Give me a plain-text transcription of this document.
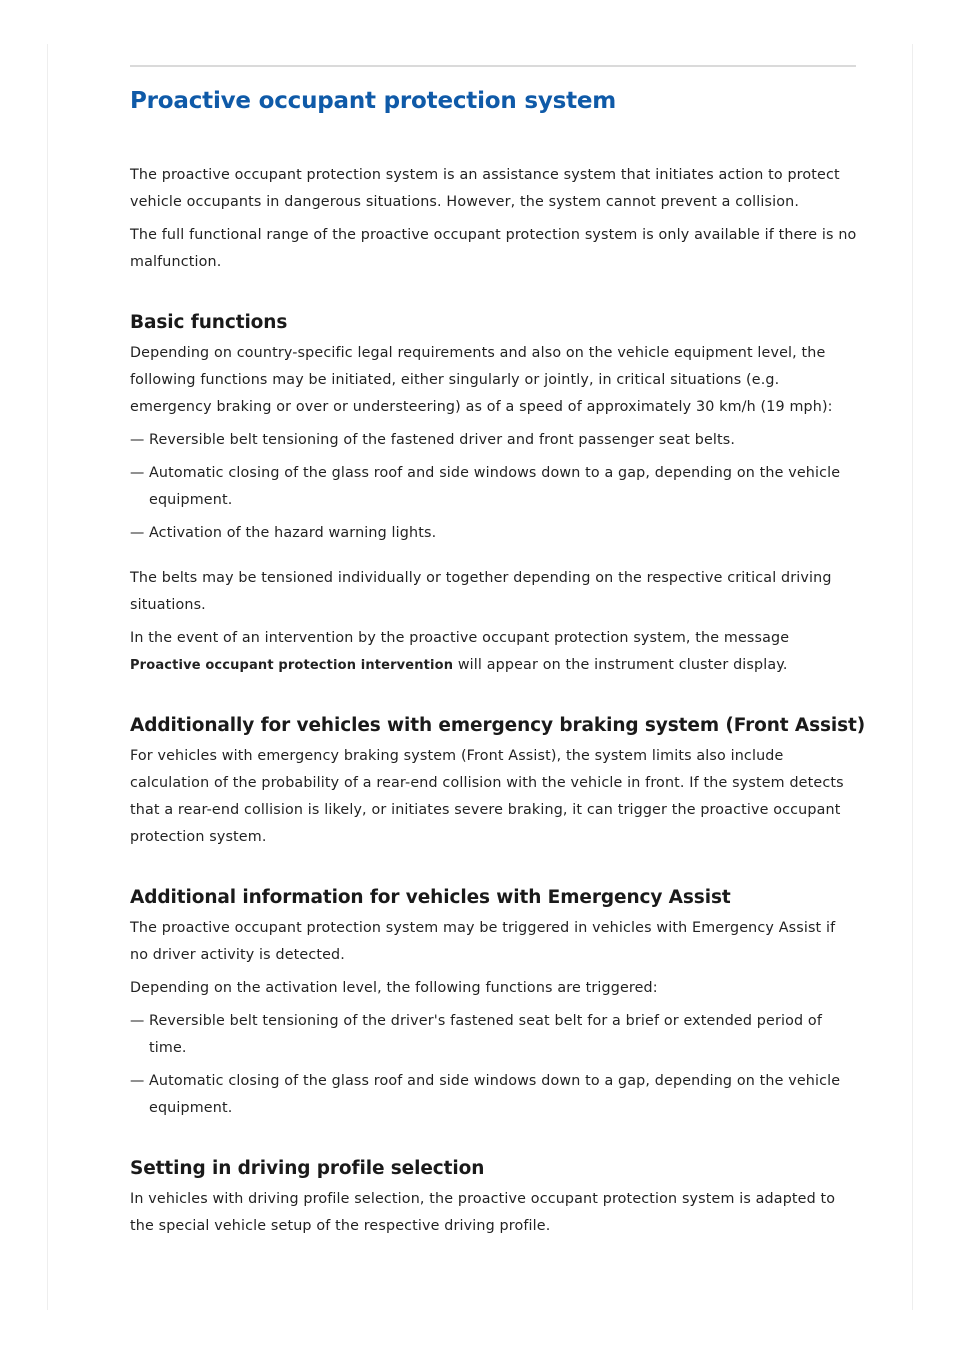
Proactive occupant protection system

The proactive occupant protection system is an assistance system that initiates action to protect vehicle occupants in dangerous situations. However, the system cannot prevent a collision.

The full functional range of the proactive occupant protection system is only available if there is no malfunction.

Basic functions

Depending on country-specific legal requirements and also on the vehicle equipment level, the following functions may be initiated, either singularly or jointly, in critical situations (e.g. emergency braking or over or understeering) as of a speed of approximately 30 km/h (19 mph):

— Reversible belt tensioning of the fastened driver and front passenger seat belts.
— Automatic closing of the glass roof and side windows down to a gap, depending on the vehicle equipment.
— Activation of the hazard warning lights.

The belts may be tensioned individually or together depending on the respective critical driving situations.

In the event of an intervention by the proactive occupant protection system, the message
Proactive occupant protection intervention will appear on the instrument cluster display.

Additionally for vehicles with emergency braking system (Front Assist)

For vehicles with emergency braking system (Front Assist), the system limits also include calculation of the probability of a rear-end collision with the vehicle in front. If the system detects that a rear-end collision is likely, or initiates severe braking, it can trigger the proactive occupant protection system.

Additional information for vehicles with Emergency Assist

The proactive occupant protection system may be triggered in vehicles with Emergency Assist if no driver activity is detected.

Depending on the activation level, the following functions are triggered:

— Reversible belt tensioning of the driver's fastened seat belt for a brief or extended period of time.
— Automatic closing of the glass roof and side windows down to a gap, depending on the vehicle equipment.
Setting in driving profile selection

In vehicles with driving profile selection, the proactive occupant protection system is adapted to the special vehicle setup of the respective driving profile.
